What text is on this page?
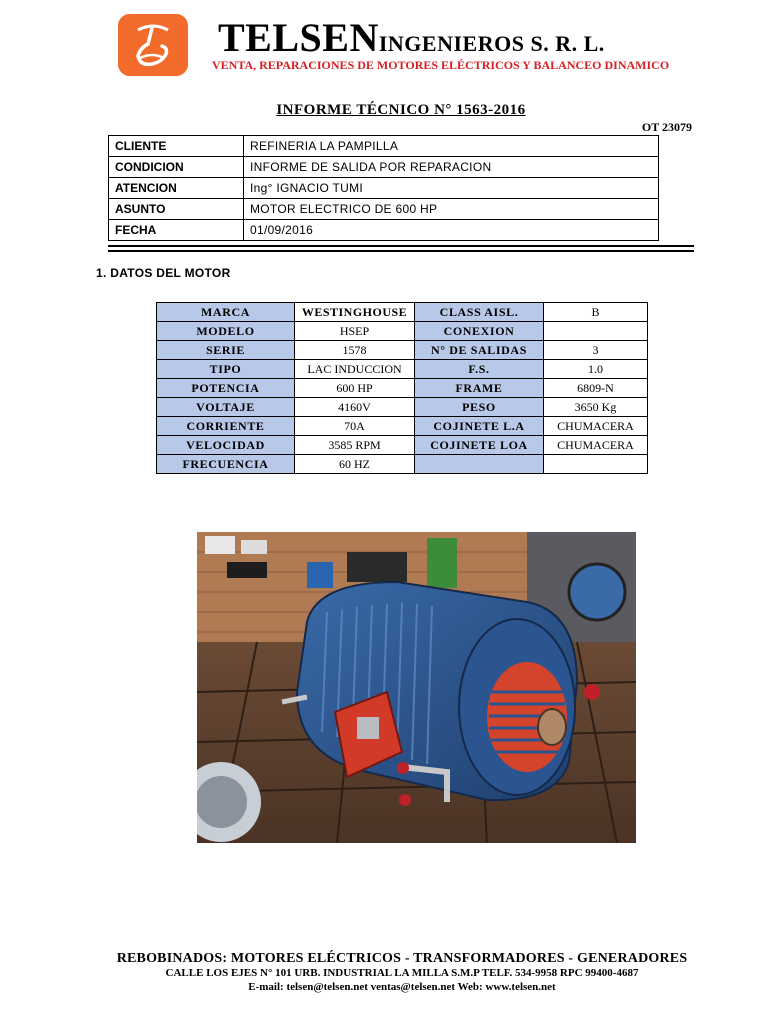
TELSENINGENIEROS S. R. L.
VENTA, REPARACIONES DE MOTORES ELÉCTRICOS Y BALANCEO DINAMICO
INFORME TÉCNICO N° 1563-2016
OT 23079
CLIENTE	REFINERIA LA PAMPILLA
CONDICION	INFORME DE SALIDA POR REPARACION
ATENCION	Ing° IGNACIO TUMI
ASUNTO	MOTOR ELECTRICO DE 600 HP
FECHA	01/09/2016
1. DATOS DEL MOTOR
MARCA	WESTINGHOUSE	CLASS AISL.	B
MODELO	HSEP	CONEXION	
SERIE	1578	N° DE SALIDAS	3
TIPO	LAC INDUCCION	F.S.	1.0
POTENCIA	600 HP	FRAME	6809-N
VOLTAJE	4160V	PESO	3650 Kg
CORRIENTE	70A	COJINETE L.A	CHUMACERA
VELOCIDAD	3585 RPM	COJINETE LOA	CHUMACERA
FRECUENCIA	60 HZ		
REBOBINADOS: MOTORES ELÉCTRICOS - TRANSFORMADORES - GENERADORES
CALLE LOS EJES N° 101 URB. INDUSTRIAL LA MILLA S.M.P TELF. 534-9958 RPC 99400-4687
E-mail: telsen@telsen.net ventas@telsen.net Web: www.telsen.net
